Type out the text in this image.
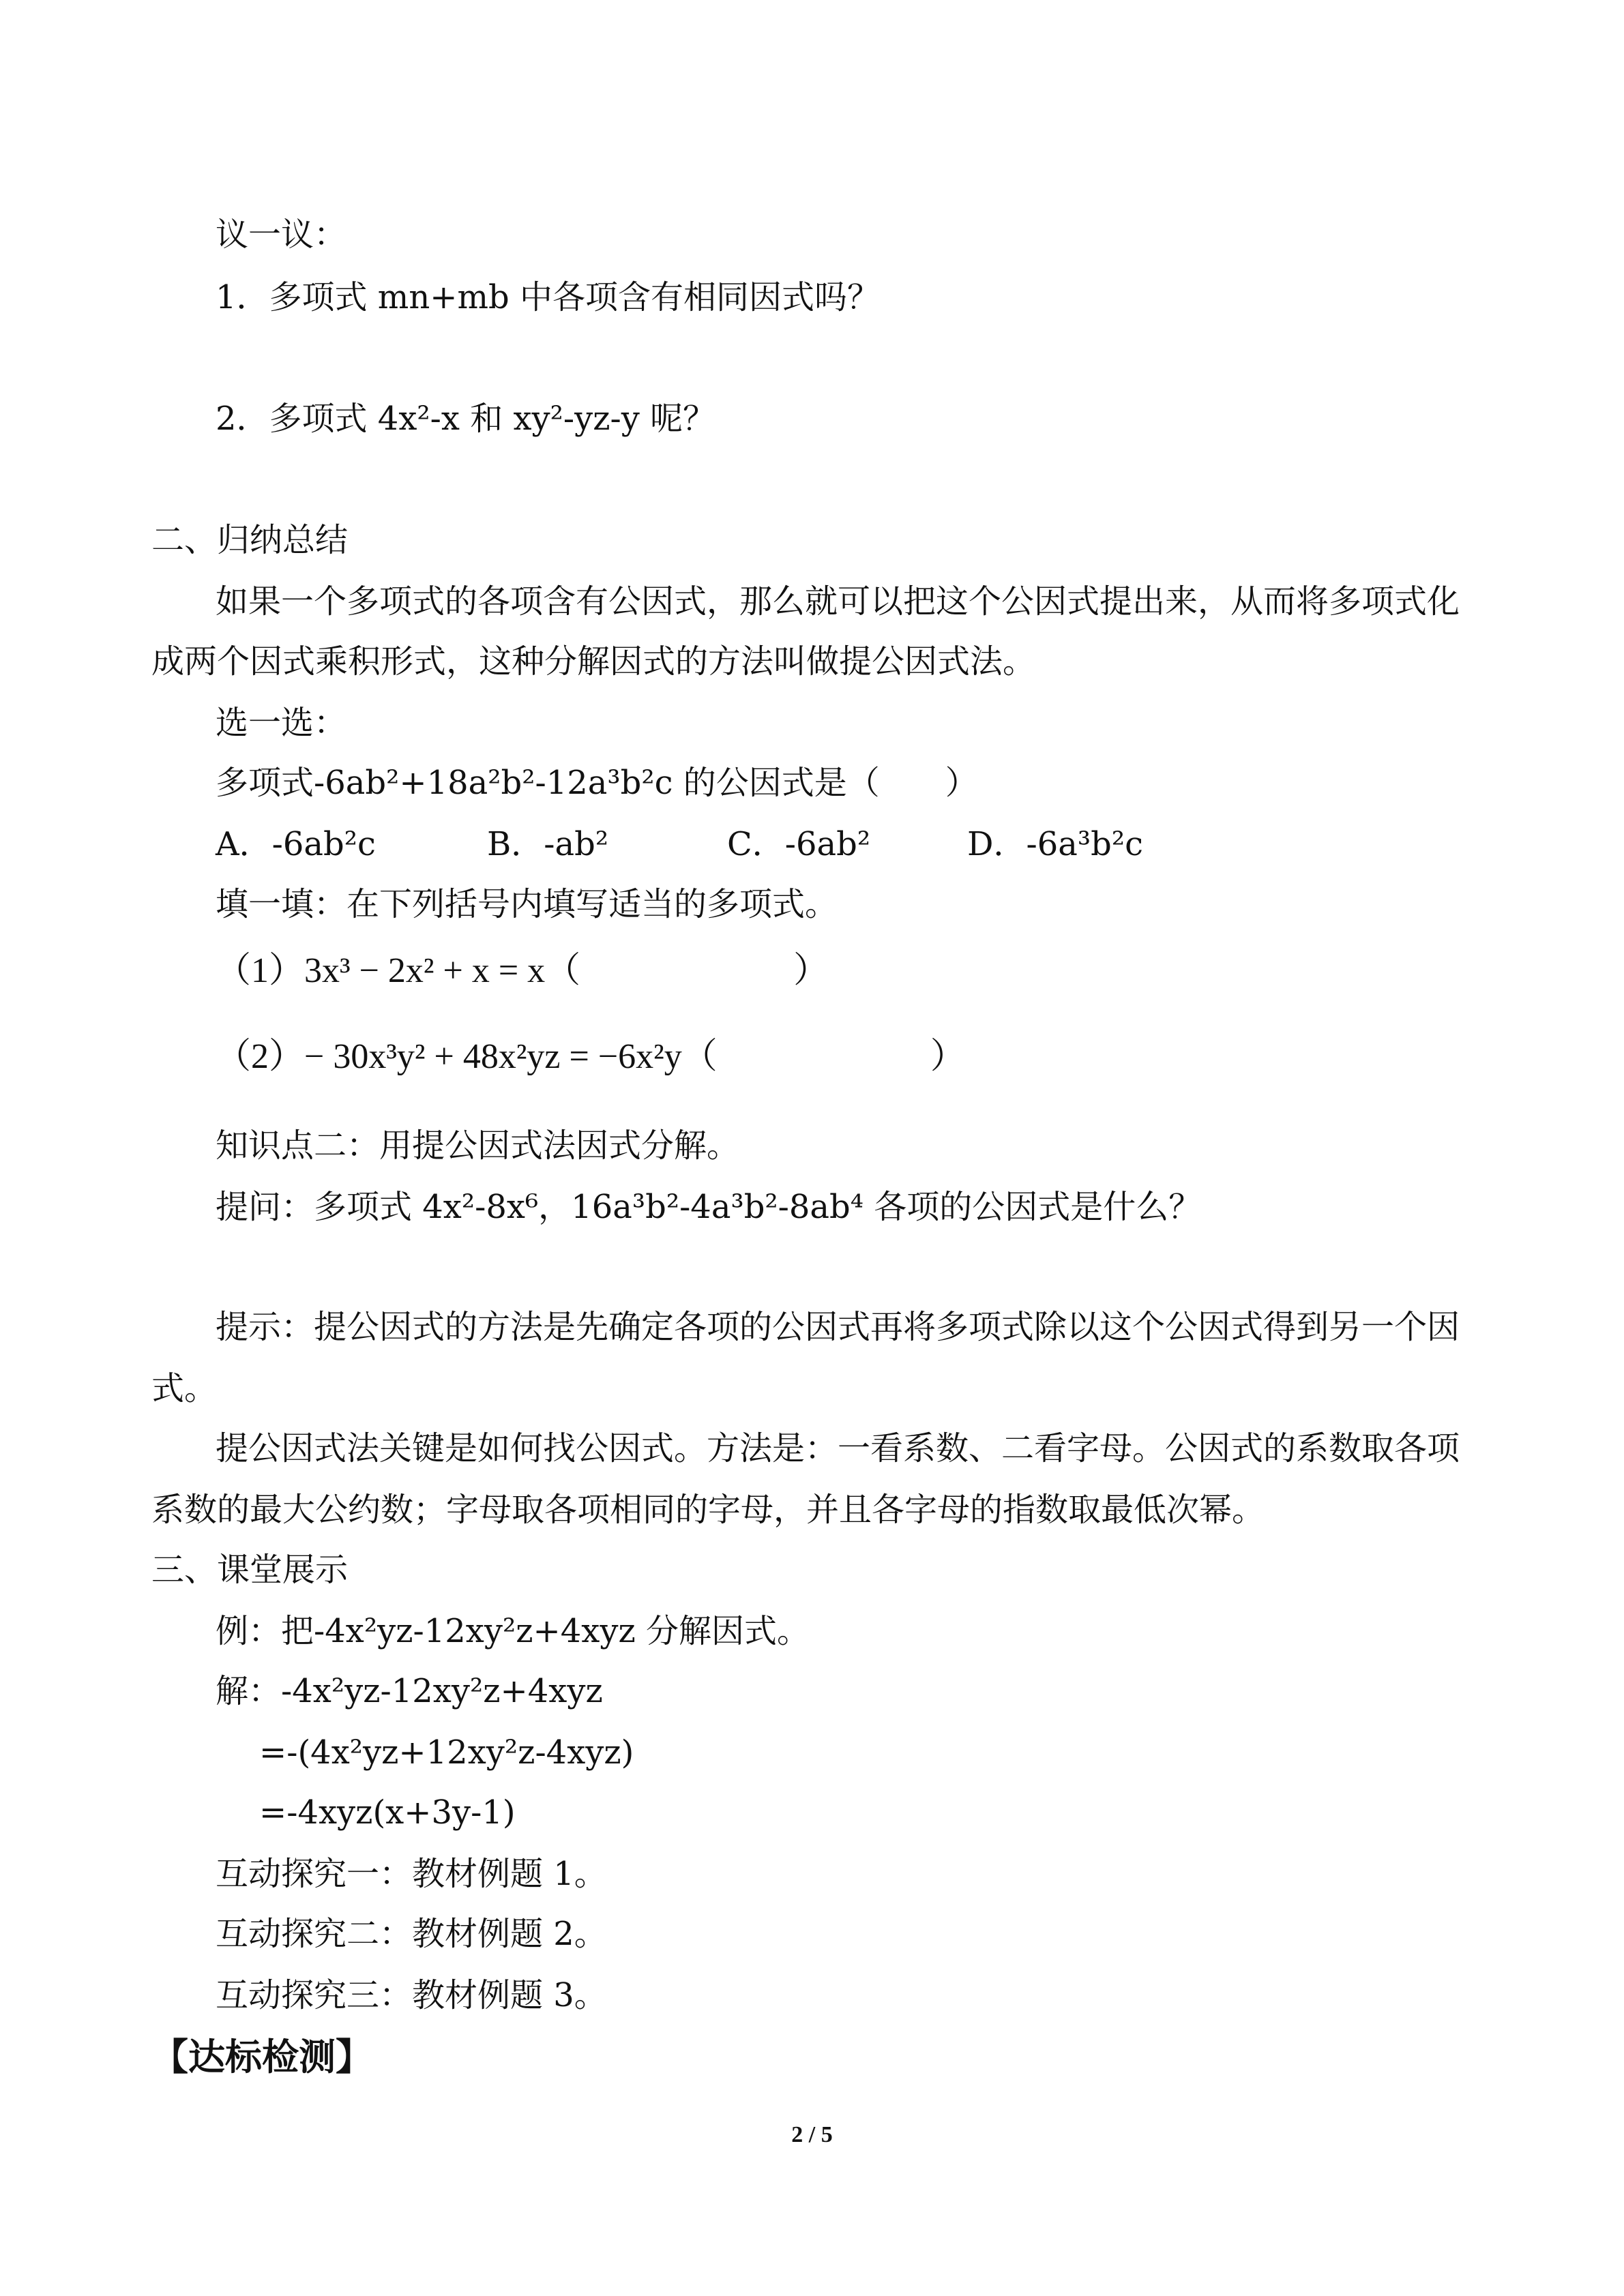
议一议：
1．多项式 mn+mb 中各项含有相同因式吗？
2．多项式 4x²-x 和 xy²-yz-y 呢？
二、归纳总结
如果一个多项式的各项含有公因式，那么就可以把这个公因式提出来，从而将多项式化
成两个因式乘积形式，这种分解因式的方法叫做提公因式法。
选一选：
多项式-6ab²+18a²b²-12a³b²c 的公因式是（　　）
A．-6ab²c	B．-ab²	C．-6ab²	D．-6a³b²c
填一填：在下列括号内填写适当的多项式。
（1）3x³ − 2x² + x = x（　　　　　　）
（2）− 30x³y² + 48x²yz = −6x²y（　　　　　　）
知识点二：用提公因式法因式分解。
提问：多项式 4x²-8x⁶，16a³b²-4a³b²-8ab⁴ 各项的公因式是什么？
提示：提公因式的方法是先确定各项的公因式再将多项式除以这个公因式得到另一个因
式。
提公因式法关键是如何找公因式。方法是：一看系数、二看字母。公因式的系数取各项
系数的最大公约数；字母取各项相同的字母，并且各字母的指数取最低次幂。
三、课堂展示
例：把-4x²yz-12xy²z+4xyz 分解因式。
解：-4x²yz-12xy²z+4xyz
=-(4x²yz+12xy²z-4xyz)
=-4xyz(x+3y-1)
互动探究一：教材例题 1。
互动探究二：教材例题 2。
互动探究三：教材例题 3。
【达标检测】
2 / 5
